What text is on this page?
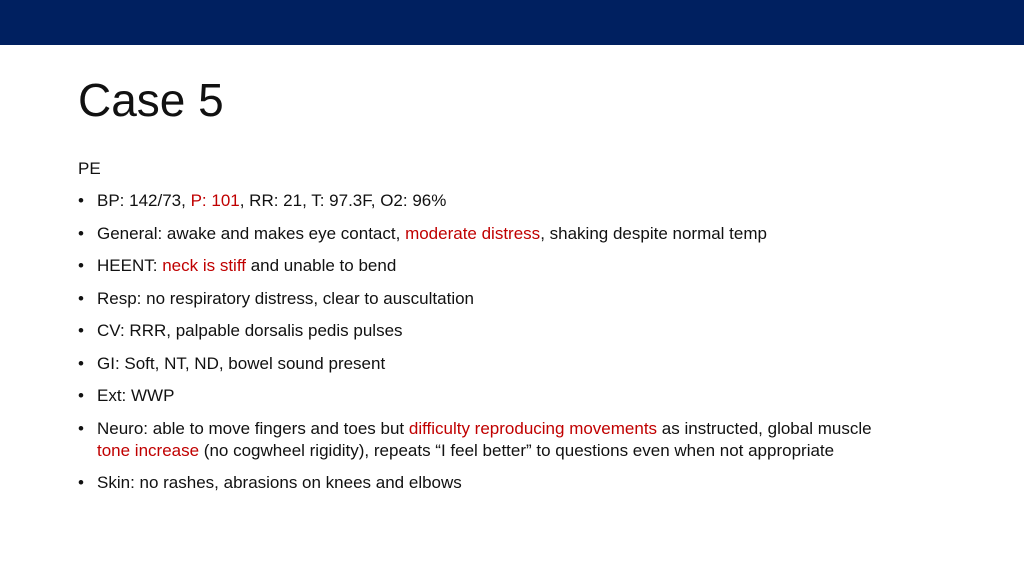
Case 5

PE

• BP: 142/73, P: 101, RR: 21, T: 97.3F, O2: 96%
• General: awake and makes eye contact, moderate distress, shaking despite normal temp
• HEENT: neck is stiff and unable to bend
• Resp: no respiratory distress, clear to auscultation
• CV: RRR, palpable dorsalis pedis pulses
• GI: Soft, NT, ND, bowel sound present
• Ext: WWP
• Neuro: able to move fingers and toes but difficulty reproducing movements as instructed, global muscle tone increase (no cogwheel rigidity), repeats “I feel better” to questions even when not appropriate
• Skin: no rashes, abrasions on knees and elbows
